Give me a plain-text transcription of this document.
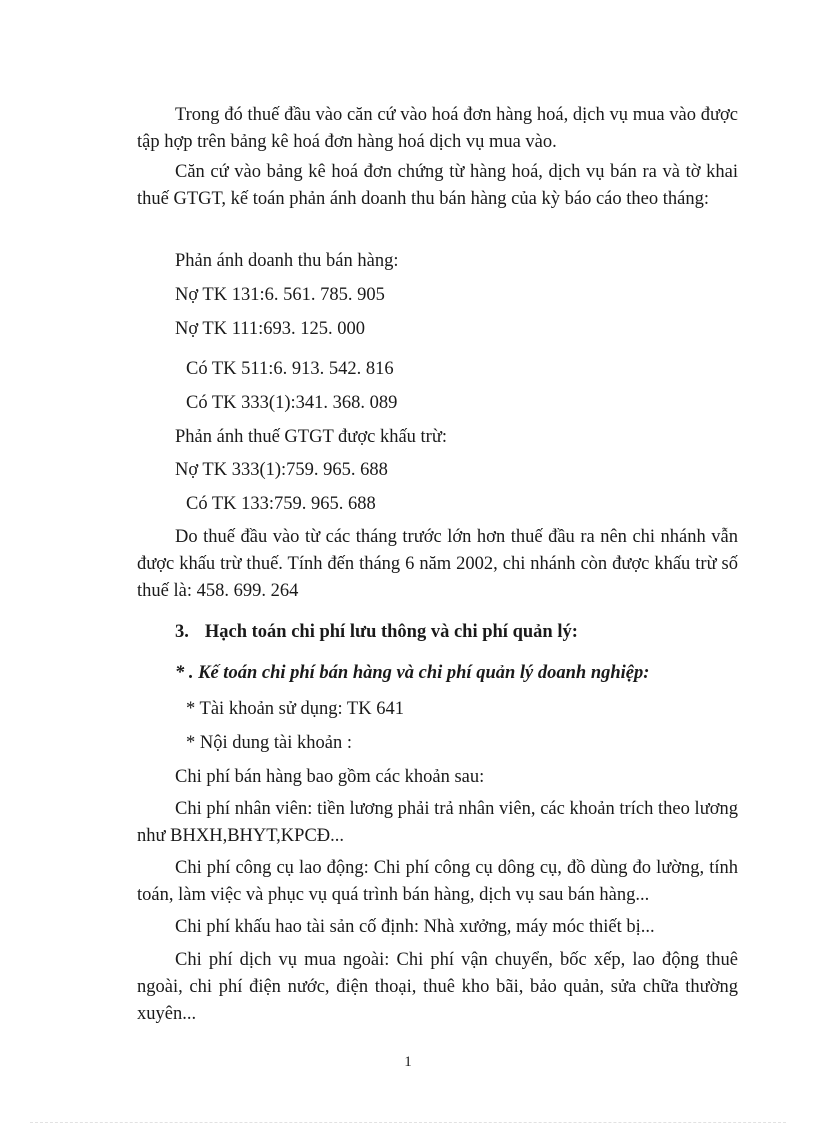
Trong đó thuế đầu vào căn cứ vào hoá đơn hàng hoá, dịch vụ mua vào được tập hợp trên bảng kê hoá đơn hàng hoá dịch vụ mua vào.

Căn cứ vào bảng kê hoá đơn chứng từ hàng hoá, dịch vụ bán ra và tờ khai thuế GTGT, kế toán phản ánh doanh thu bán hàng của kỳ báo cáo theo tháng:

Phản ánh doanh thu bán hàng:

Nợ TK 131:6. 561. 785. 905

Nợ TK 111:693. 125. 000

Có TK 511:6. 913. 542. 816

Có TK 333(1):341. 368. 089

Phản ánh thuế GTGT được khấu trừ:

Nợ TK 333(1):759. 965. 688

Có TK 133:759. 965. 688

Do thuế đầu vào từ các tháng trước lớn hơn thuế đầu ra nên chi nhánh vẫn được khấu trừ thuế. Tính đến tháng 6 năm 2002, chi nhánh còn được khấu trừ số thuế là: 458. 699. 264

3. Hạch toán chi phí lưu thông và chi phí quản lý:

* . Kế toán chi phí bán hàng và chi phí quản lý doanh nghiệp:

* Tài khoản sử dụng: TK 641

* Nội dung tài khoản :

Chi phí bán hàng bao gồm các khoản sau:

Chi phí nhân viên: tiền lương phải trả nhân viên, các khoản trích theo lương như BHXH,BHYT,KPCĐ...

Chi phí công cụ lao động: Chi phí công cụ dông cụ, đồ dùng đo lường, tính toán, làm việc và phục vụ quá trình bán hàng, dịch vụ sau bán hàng...

Chi phí khấu hao tài sản cố định: Nhà xưởng, máy móc thiết bị...

Chi phí dịch vụ mua ngoài: Chi phí vận chuyển, bốc xếp, lao động thuê ngoài, chi phí điện nước, điện thoại, thuê kho bãi, bảo quản, sửa chữa thường xuyên...

1
